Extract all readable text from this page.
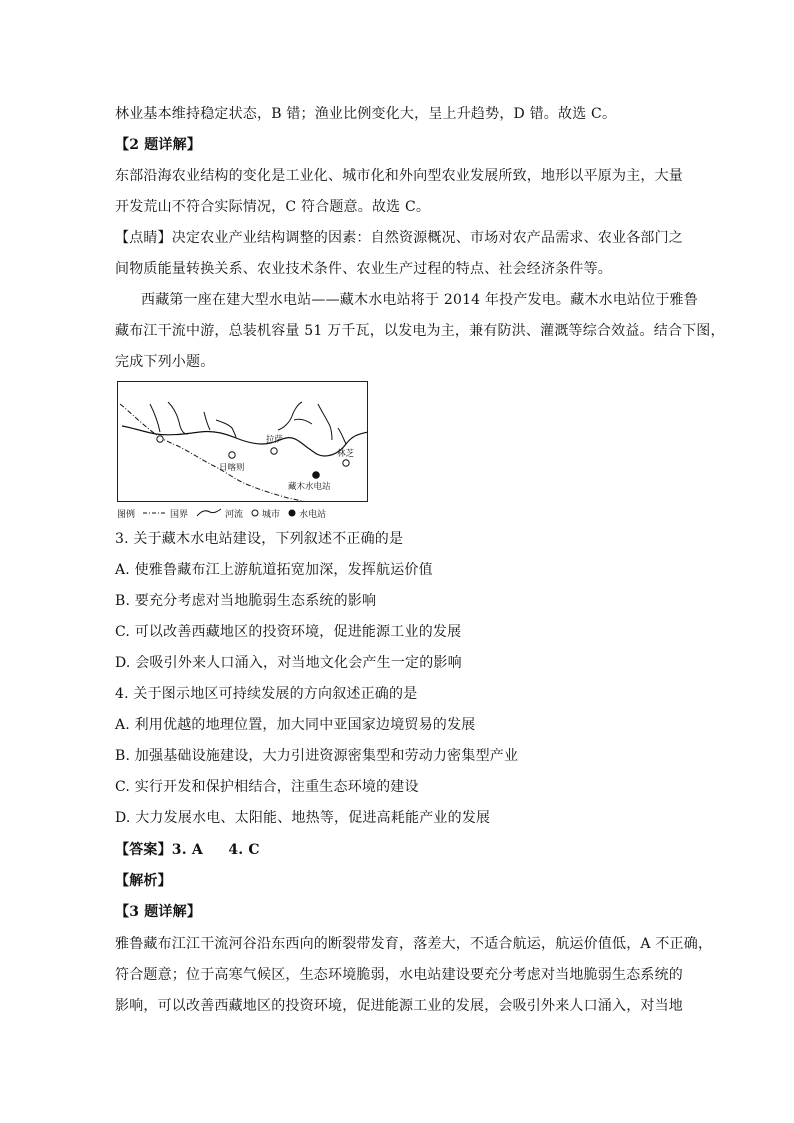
林业基本维持稳定状态，B 错；渔业比例变化大，呈上升趋势，D 错。故选 C。
【2 题详解】
东部沿海农业结构的变化是工业化、城市化和外向型农业发展所致，地形以平原为主，大量
开发荒山不符合实际情况，C 符合题意。故选 C。
【点睛】决定农业产业结构调整的因素：自然资源概况、市场对农产品需求、农业各部门之
间物质能量转换关系、农业技术条件、农业生产过程的特点、社会经济条件等。
西藏第一座在建大型水电站——藏木水电站将于 2014 年投产发电。藏木水电站位于雅鲁
藏布江干流中游，总装机容量 51 万千瓦，以发电为主，兼有防洪、灌溉等综合效益。结合下图，
完成下列小题。
拉萨
日喀则
林芝
藏木水电站
图例	国界	河流 城市 水电站
3. 关于藏木水电站建设，下列叙述不正确的是
A. 使雅鲁藏布江上游航道拓宽加深，发挥航运价值
B. 要充分考虑对当地脆弱生态系统的影响
C. 可以改善西藏地区的投资环境，促进能源工业的发展
D. 会吸引外来人口涌入，对当地文化会产生一定的影响
4. 关于图示地区可持续发展的方向叙述正确的是
A. 利用优越的地理位置，加大同中亚国家边境贸易的发展
B. 加强基础设施建设，大力引进资源密集型和劳动力密集型产业
C. 实行开发和保护相结合，注重生态环境的建设
D. 大力发展水电、太阳能、地热等，促进高耗能产业的发展
【答案】3. A     4. C
【解析】
【3 题详解】
雅鲁藏布江江干流河谷沿东西向的断裂带发育，落差大，不适合航运，航运价值低，A 不正确，
符合题意；位于高寒气候区，生态环境脆弱，水电站建设要充分考虑对当地脆弱生态系统的
影响，可以改善西藏地区的投资环境，促进能源工业的发展，会吸引外来人口涌入，对当地
